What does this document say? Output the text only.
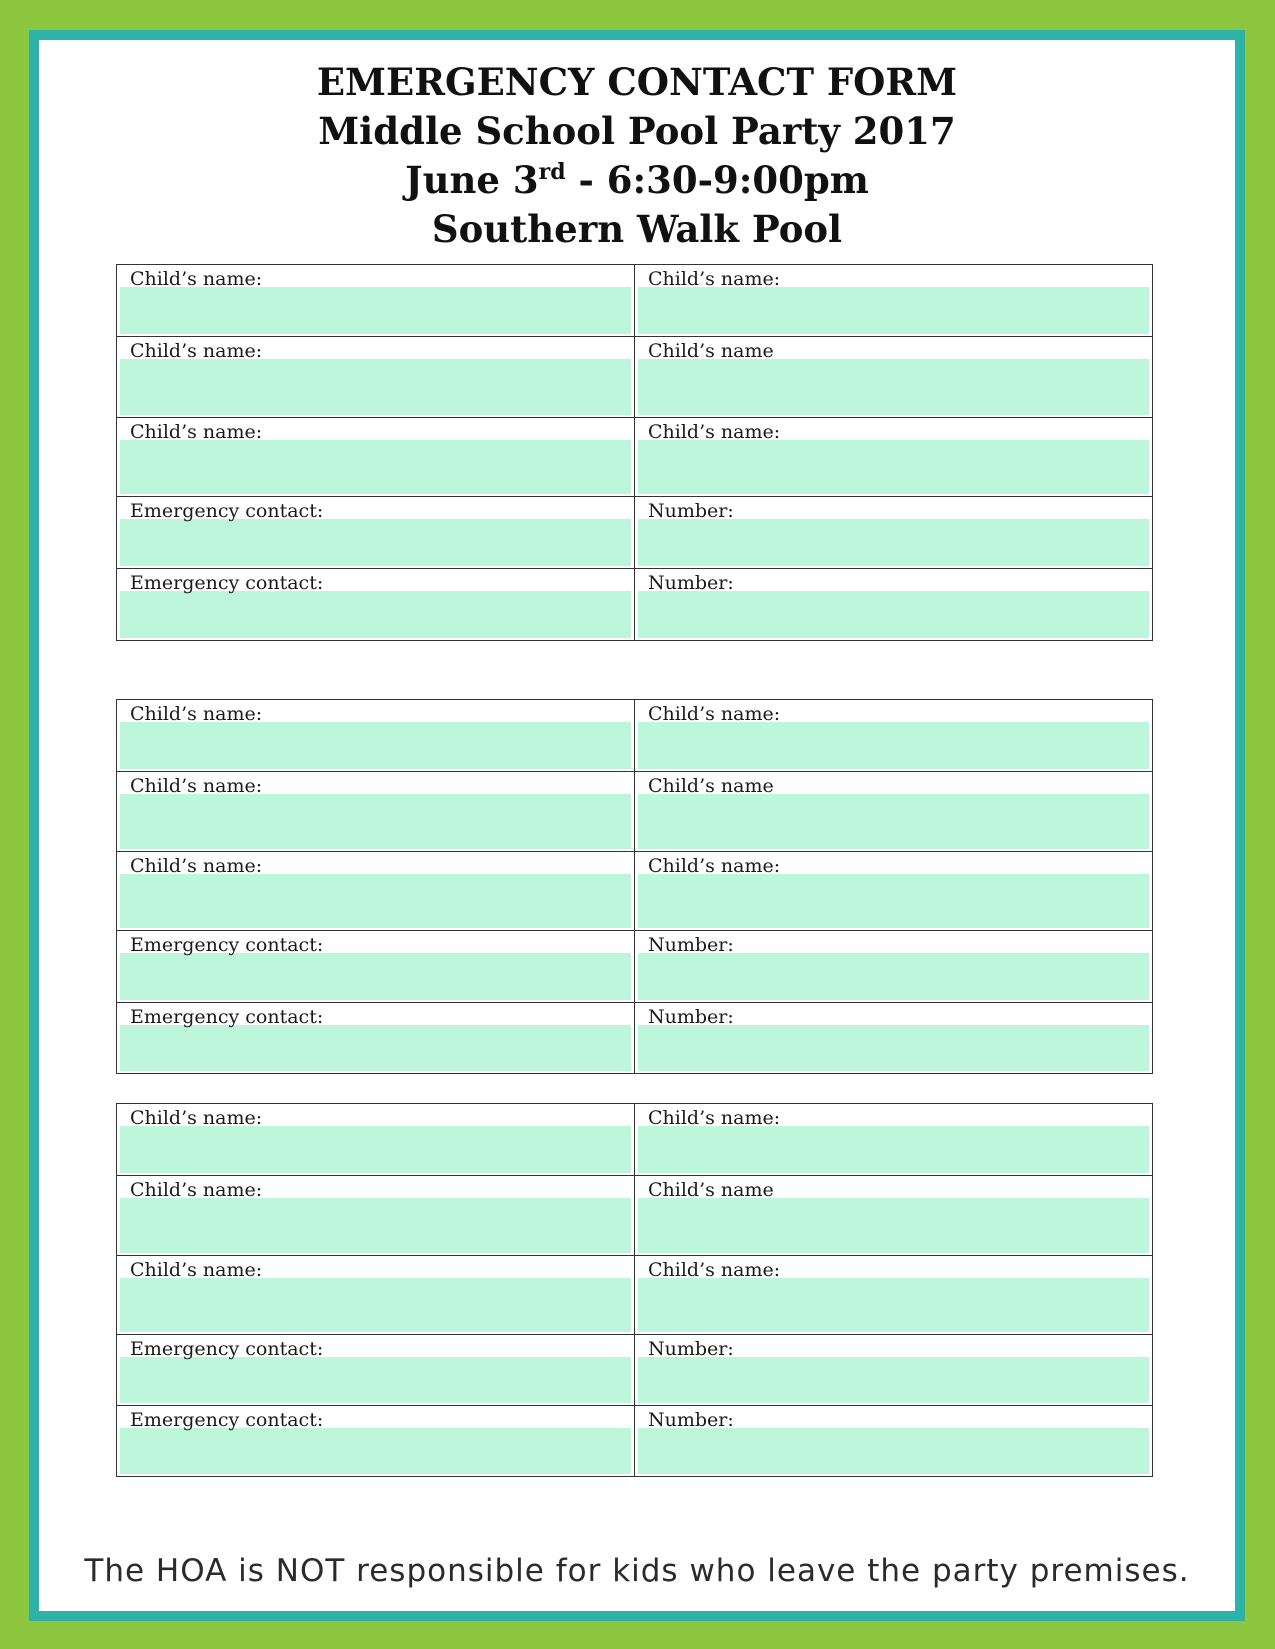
EMERGENCY CONTACT FORM
Middle School Pool Party 2017
June 3rd - 6:30-9:00pm
Southern Walk Pool
Child’s name:	Child’s name:
Child’s name:	Child’s name
Child’s name:	Child’s name:
Emergency contact:	Number:
Emergency contact:	Number:
Child’s name:	Child’s name:
Child’s name:	Child’s name
Child’s name:	Child’s name:
Emergency contact:	Number:
Emergency contact:	Number:
Child’s name:	Child’s name:
Child’s name:	Child’s name
Child’s name:	Child’s name:
Emergency contact:	Number:
Emergency contact:	Number:
The HOA is NOT responsible for kids who leave the party premises.
